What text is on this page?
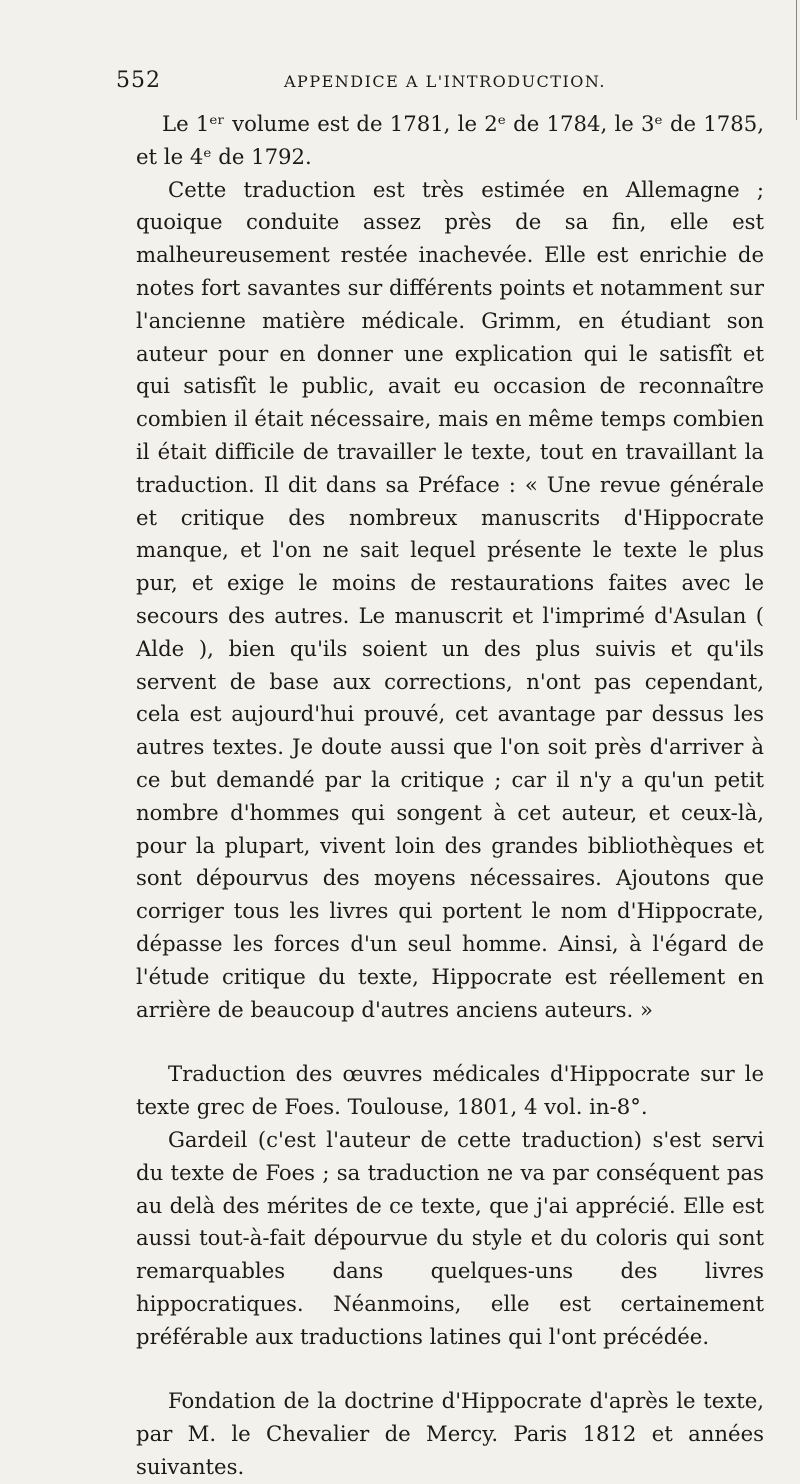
552	APPENDICE A L'INTRODUCTION.

Le 1ᵉʳ volume est de 1781, le 2ᵉ de 1784, le 3ᵉ de 1785, et le 4ᵉ de 1792.

Cette traduction est très estimée en Allemagne ; quoique conduite assez près de sa fin, elle est malheureusement restée inachevée. Elle est enrichie de notes fort savantes sur différents points et notamment sur l'ancienne matière médicale. Grimm, en étudiant son auteur pour en donner une explication qui le satisfît et qui satisfît le public, avait eu occasion de reconnaître combien il était nécessaire, mais en même temps combien il était difficile de travailler le texte, tout en travaillant la traduction. Il dit dans sa Préface : « Une revue générale et critique des nombreux manuscrits d'Hippocrate manque, et l'on ne sait lequel présente le texte le plus pur, et exige le moins de restaurations faites avec le secours des autres. Le manuscrit et l'imprimé d'Asulan ( Alde ), bien qu'ils soient un des plus suivis et qu'ils servent de base aux corrections, n'ont pas cependant, cela est aujourd'hui prouvé, cet avantage par dessus les autres textes. Je doute aussi que l'on soit près d'arriver à ce but demandé par la critique ; car il n'y a qu'un petit nombre d'hommes qui songent à cet auteur, et ceux-là, pour la plupart, vivent loin des grandes bibliothèques et sont dépourvus des moyens nécessaires. Ajoutons que corriger tous les livres qui portent le nom d'Hippocrate, dépasse les forces d'un seul homme. Ainsi, à l'égard de l'étude critique du texte, Hippocrate est réellement en arrière de beaucoup d'autres anciens auteurs. »

Traduction des œuvres médicales d'Hippocrate sur le texte grec de Foes. Toulouse, 1801, 4 vol. in-8°.

Gardeil (c'est l'auteur de cette traduction) s'est servi du texte de Foes ; sa traduction ne va par conséquent pas au delà des mérites de ce texte, que j'ai apprécié. Elle est aussi tout-à-fait dépourvue du style et du coloris qui sont remarquables dans quelques-uns des livres hippocratiques. Néanmoins, elle est certainement préférable aux traductions latines qui l'ont précédée.

Fondation de la doctrine d'Hippocrate d'après le texte, par M. le Chevalier de Mercy. Paris 1812 et années suivantes.
